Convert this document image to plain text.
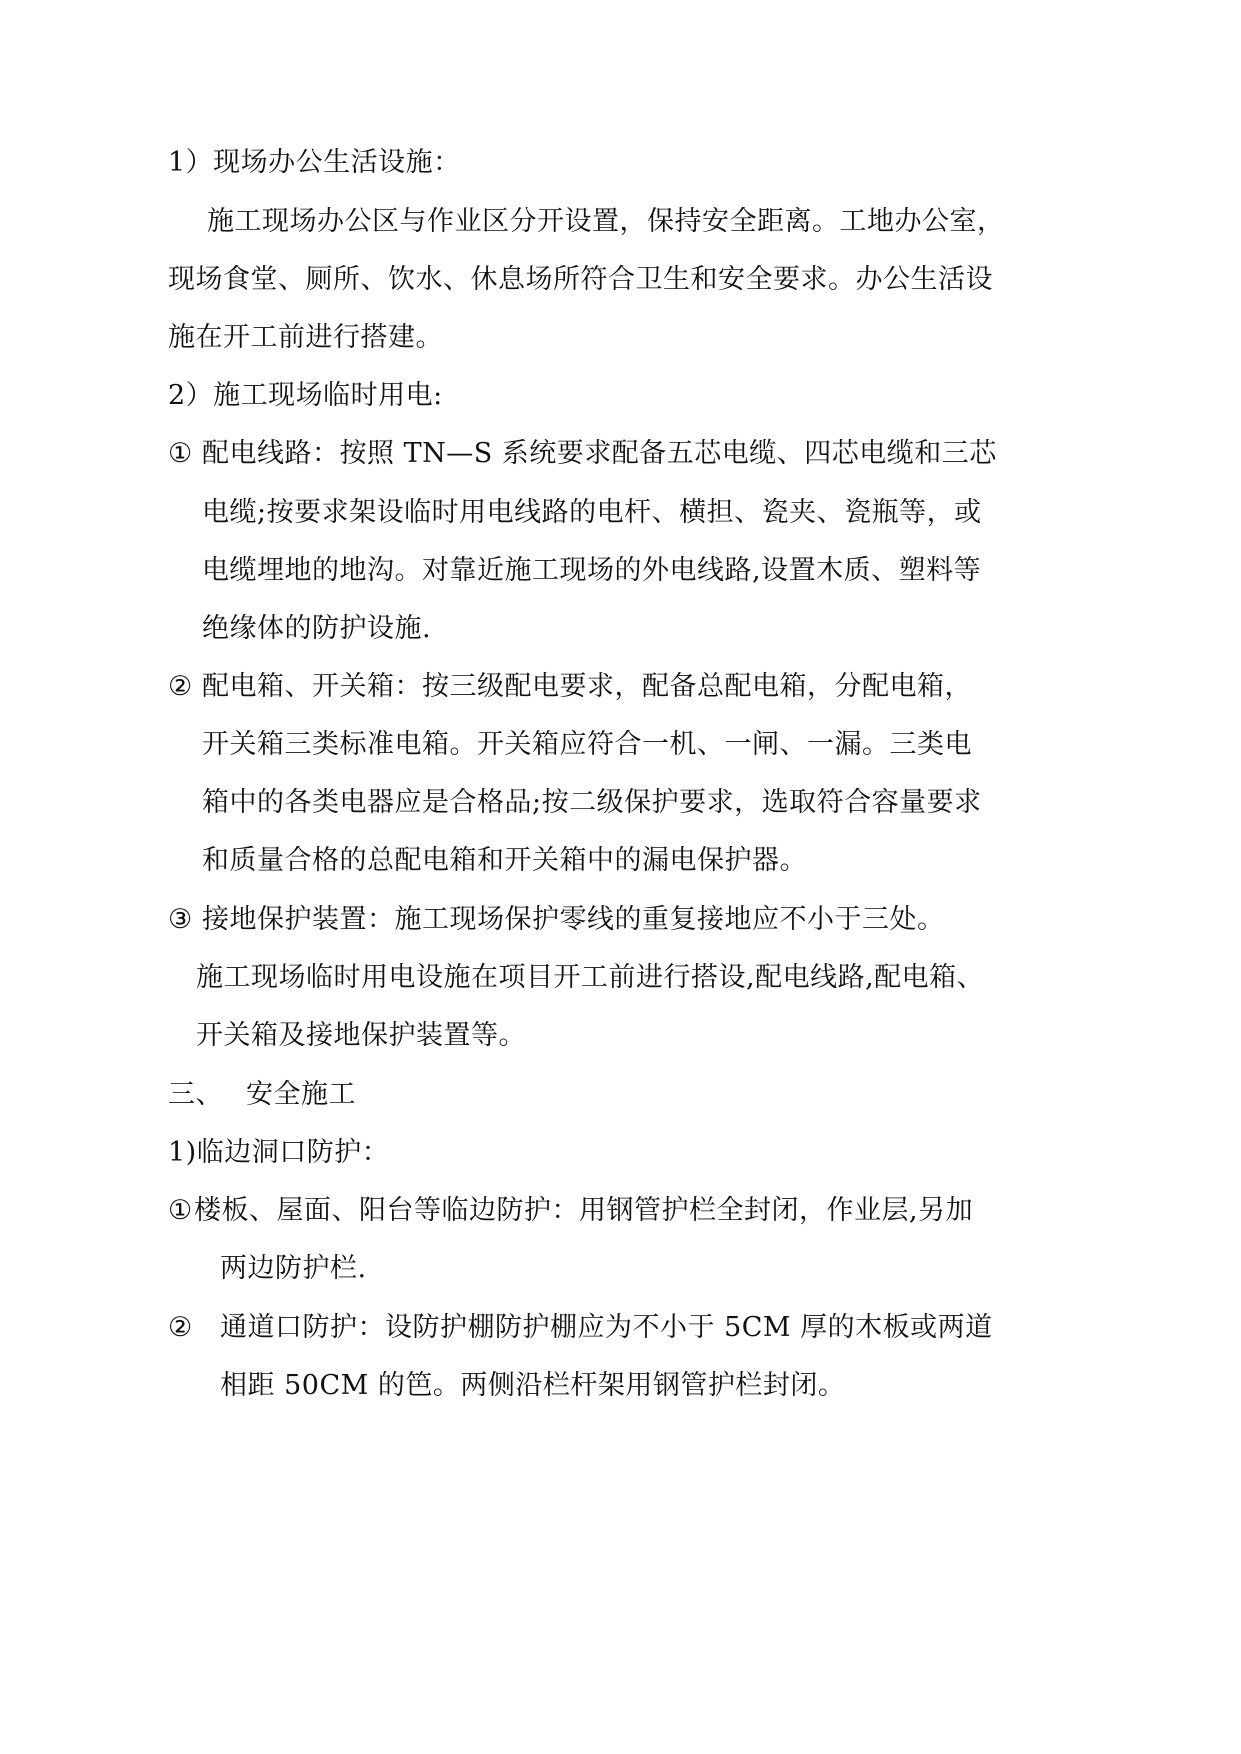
1）现场办公生活设施：
施工现场办公区与作业区分开设置，保持安全距离。工地办公室，
现场食堂、厕所、饮水、休息场所符合卫生和安全要求。办公生活设
施在开工前进行搭建。
2）施工现场临时用电:
① 配电线路：按照 TN—S 系统要求配备五芯电缆、四芯电缆和三芯
电缆;按要求架设临时用电线路的电杆、横担、瓷夹、瓷瓶等，或
电缆埋地的地沟。对靠近施工现场的外电线路,设置木质、塑料等
绝缘体的防护设施.
② 配电箱、开关箱：按三级配电要求，配备总配电箱，分配电箱，
开关箱三类标准电箱。开关箱应符合一机、一闸、一漏。三类电
箱中的各类电器应是合格品;按二级保护要求，选取符合容量要求
和质量合格的总配电箱和开关箱中的漏电保护器。
③ 接地保护装置：施工现场保护零线的重复接地应不小于三处。
施工现场临时用电设施在项目开工前进行搭设,配电线路,配电箱、
开关箱及接地保护装置等。
三、 安全施工
1)临边洞口防护：
① 楼板、屋面、阳台等临边防护：用钢管护栏全封闭，作业层,另加
两边防护栏.
② 通道口防护：设防护棚防护棚应为不小于 5CM 厚的木板或两道
相距 50CM 的笆。两侧沿栏杆架用钢管护栏封闭。
